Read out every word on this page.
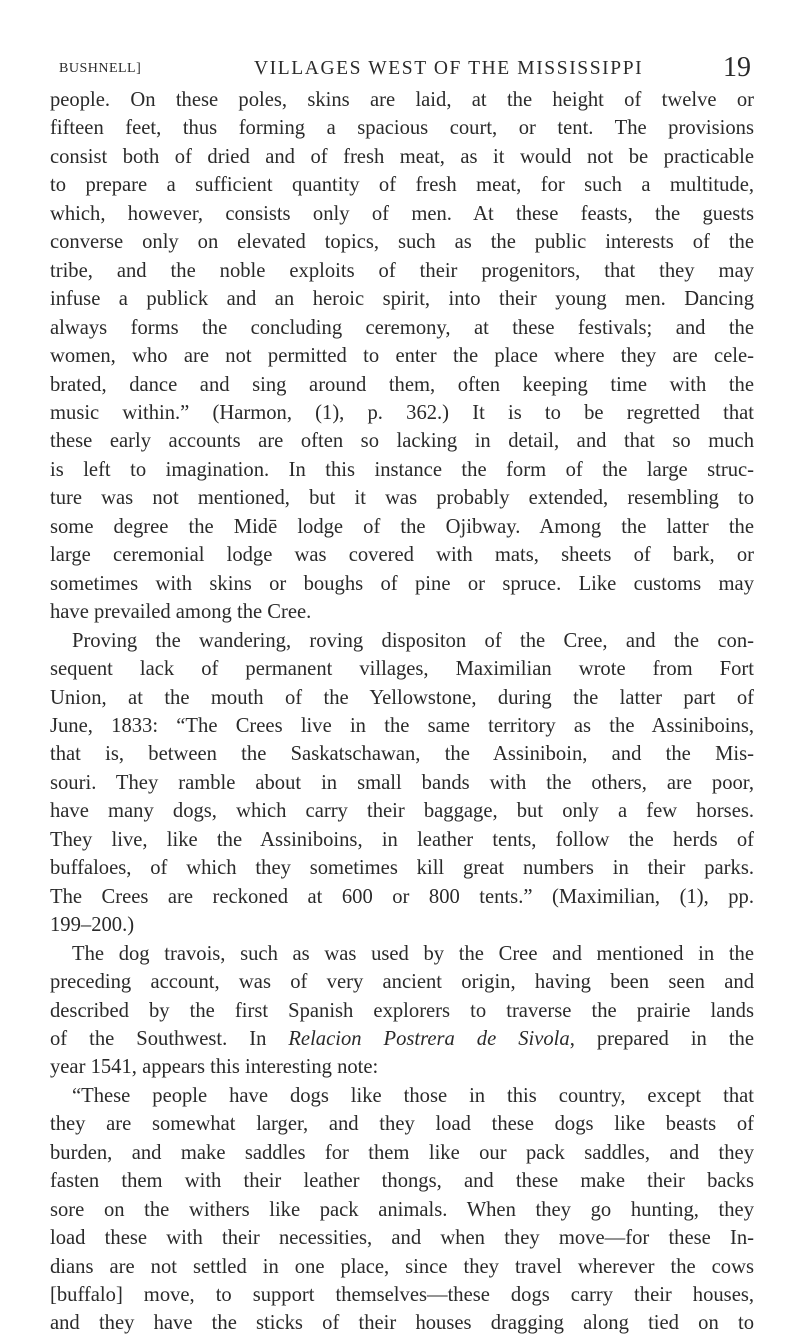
BUSHNELL]	VILLAGES WEST OF THE MISSISSIPPI	19

people. On these poles, skins are laid, at the height of twelve or

fifteen feet, thus forming a spacious court, or tent. The provisions

consist both of dried and of fresh meat, as it would not be practicable

to prepare a sufficient quantity of fresh meat, for such a multitude,

which, however, consists only of men. At these feasts, the guests

converse only on elevated topics, such as the public interests of the

tribe, and the noble exploits of their progenitors, that they may

infuse a publick and an heroic spirit, into their young men. Dancing

always forms the concluding ceremony, at these festivals; and the

women, who are not permitted to enter the place where they are cele-

brated, dance and sing around them, often keeping time with the

music within.” (Harmon, (1), p. 362.) It is to be regretted that

these early accounts are often so lacking in detail, and that so much

is left to imagination. In this instance the form of the large struc-

ture was not mentioned, but it was probably extended, resembling to

some degree the Midē lodge of the Ojibway. Among the latter the

large ceremonial lodge was covered with mats, sheets of bark, or

sometimes with skins or boughs of pine or spruce. Like customs may

have prevailed among the Cree.

Proving the wandering, roving dispositon of the Cree, and the con-

sequent lack of permanent villages, Maximilian wrote from Fort

Union, at the mouth of the Yellowstone, during the latter part of

June, 1833: “The Crees live in the same territory as the Assiniboins,

that is, between the Saskatschawan, the Assiniboin, and the Mis-

souri. They ramble about in small bands with the others, are poor,

have many dogs, which carry their baggage, but only a few horses.

They live, like the Assiniboins, in leather tents, follow the herds of

buffaloes, of which they sometimes kill great numbers in their parks.

The Crees are reckoned at 600 or 800 tents.” (Maximilian, (1), pp.

199–200.)

The dog travois, such as was used by the Cree and mentioned in the

preceding account, was of very ancient origin, having been seen and

described by the first Spanish explorers to traverse the prairie lands

of the Southwest. In Relacion Postrera de Sivola, prepared in the

year 1541, appears this interesting note:

“These people have dogs like those in this country, except that

they are somewhat larger, and they load these dogs like beasts of

burden, and make saddles for them like our pack saddles, and they

fasten them with their leather thongs, and these make their backs

sore on the withers like pack animals. When they go hunting, they

load these with their necessities, and when they move—for these In-

dians are not settled in one place, since they travel wherever the cows

[buffalo] move, to support themselves—these dogs carry their houses,

and they have the sticks of their houses dragging along tied on to
